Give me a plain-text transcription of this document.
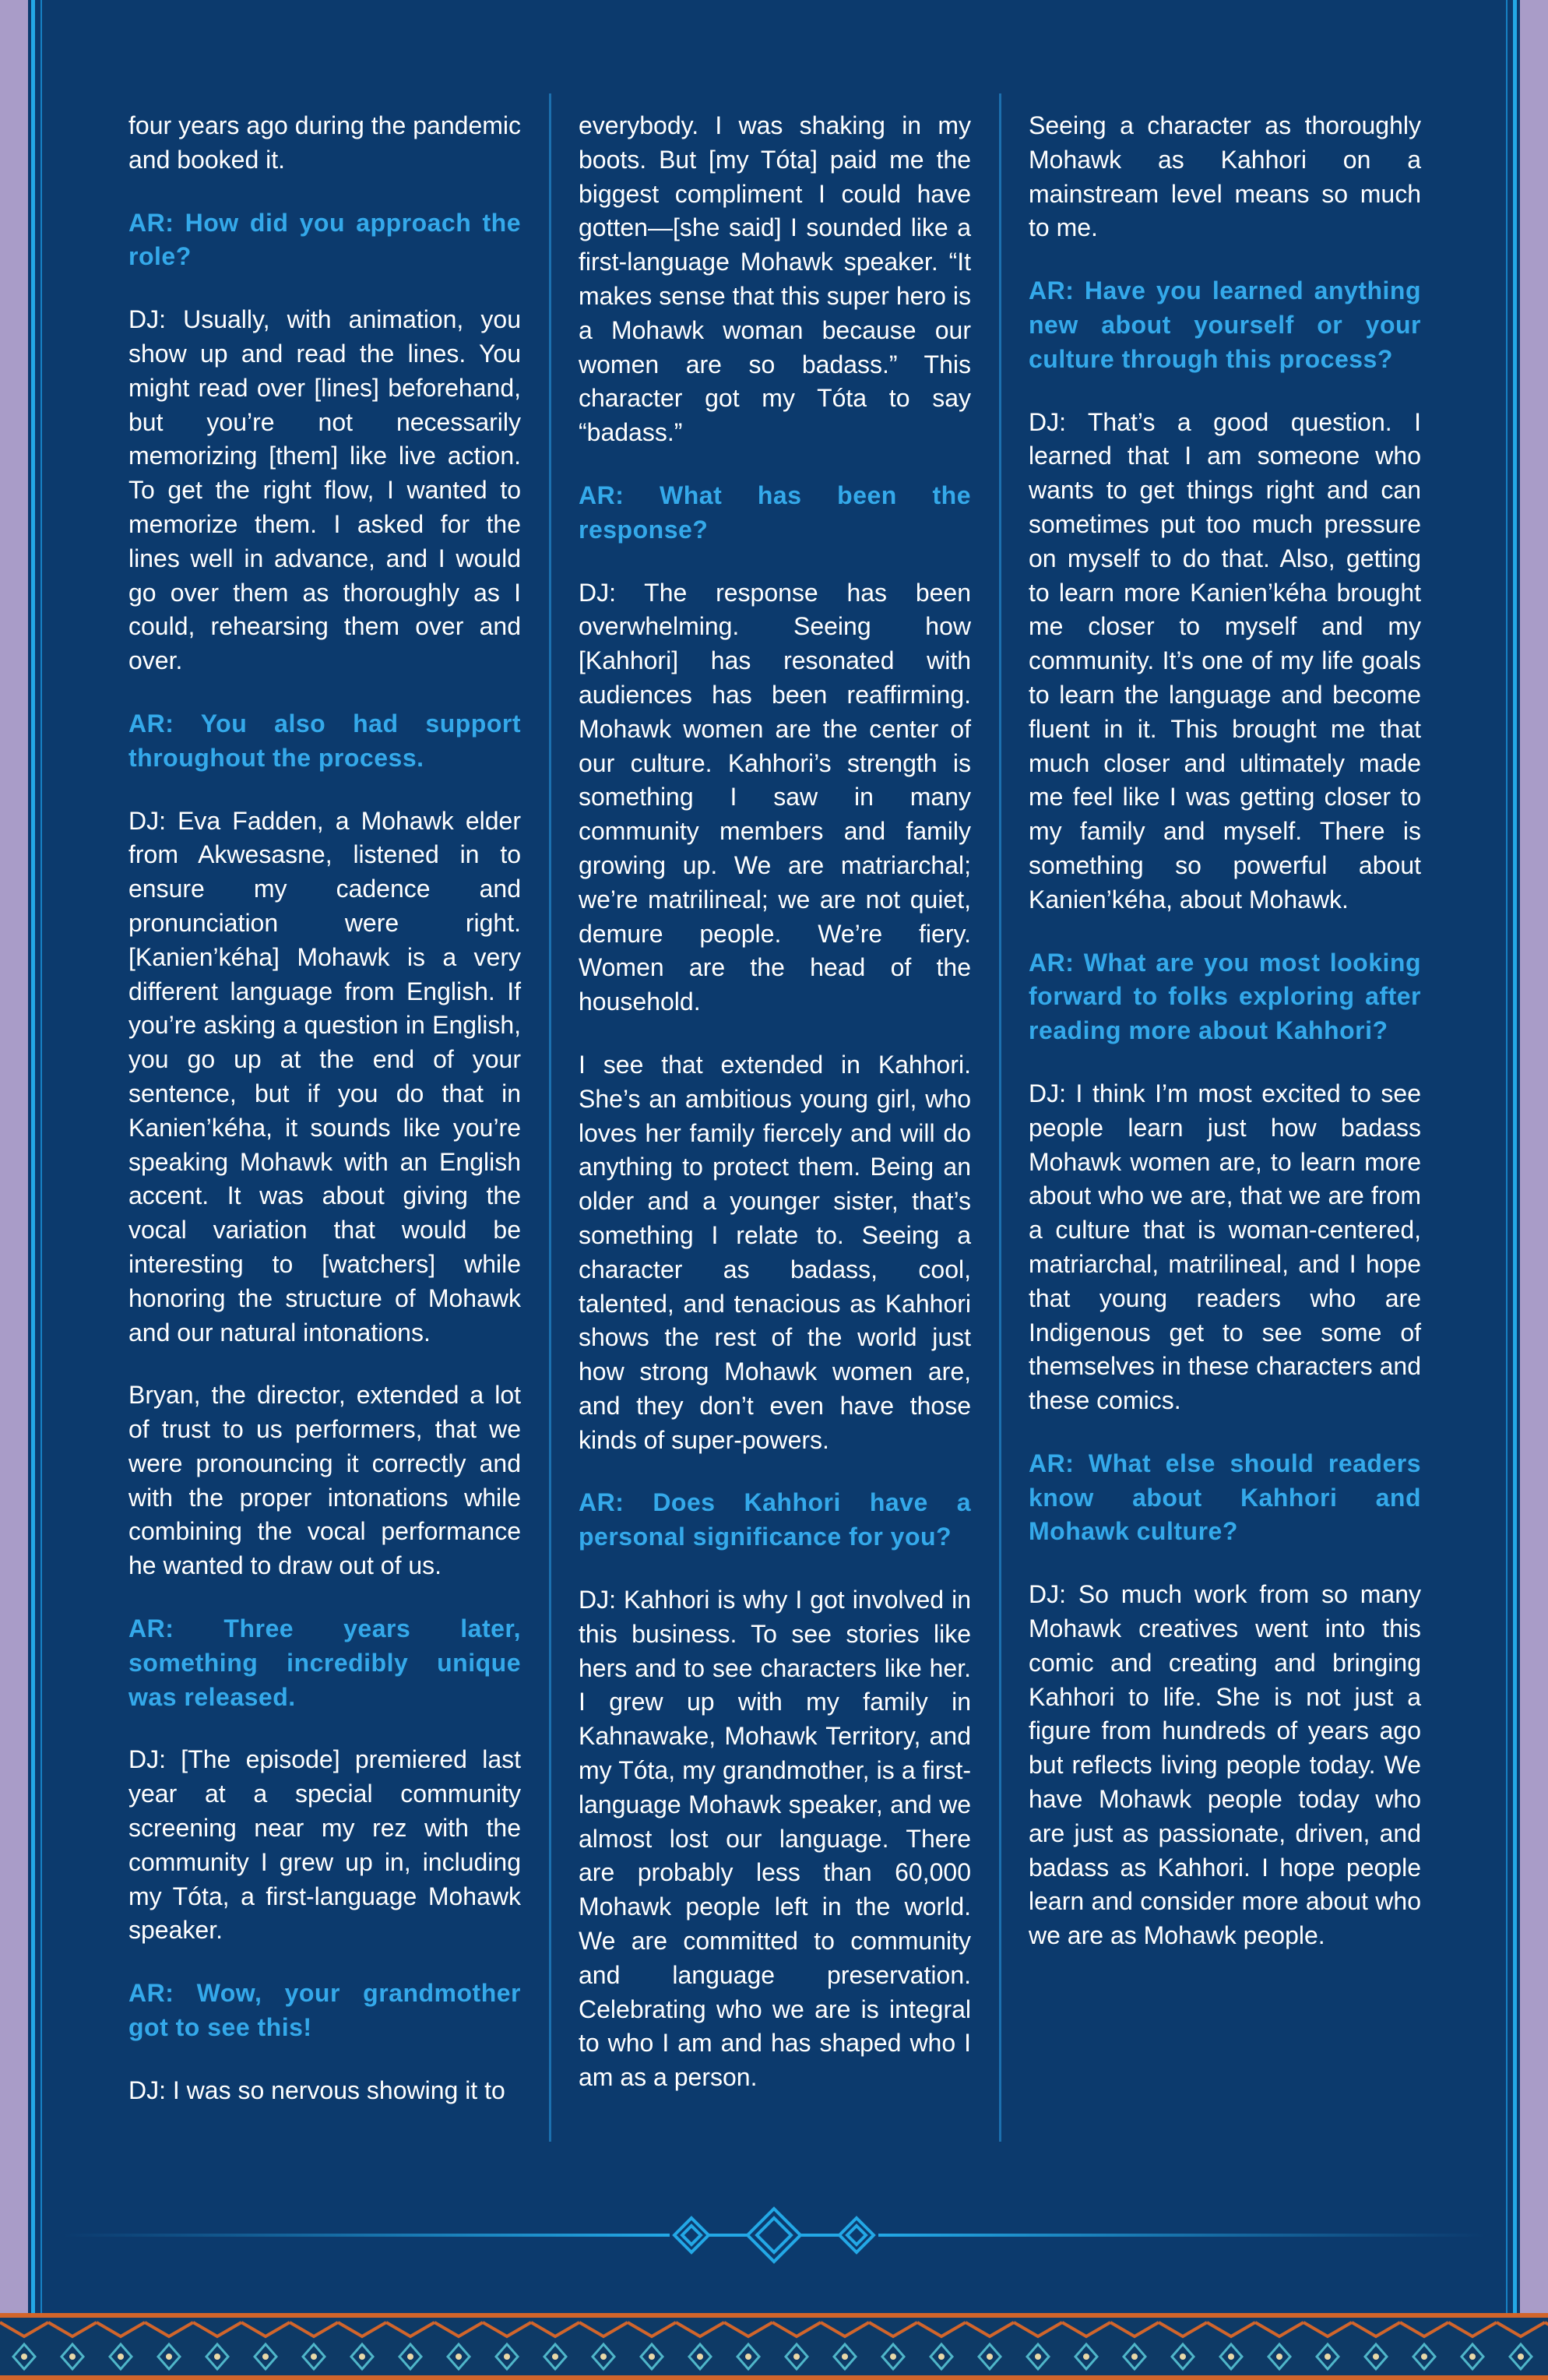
four years ago during the pandemic and booked it.

AR: How did you approach the role?

DJ: Usually, with animation, you show up and read the lines. You might read over [lines] beforehand, but you’re not necessarily memorizing [them] like live action. To get the right flow, I wanted to memorize them. I asked for the lines well in advance, and I would go over them as thoroughly as I could, rehearsing them over and over.

AR: You also had support throughout the process.

DJ: Eva Fadden, a Mohawk elder from Akwesasne, listened in to ensure my cadence and pronunciation were right. [Kanien’kéha] Mohawk is a very different language from English. If you’re asking a question in English, you go up at the end of your sentence, but if you do that in Kanien’kéha, it sounds like you’re speaking Mohawk with an English accent. It was about giving the vocal variation that would be interesting to [watchers] while honoring the structure of Mohawk and our natural intonations.

Bryan, the director, extended a lot of trust to us performers, that we were pronouncing it correctly and with the proper intonations while combining the vocal performance he wanted to draw out of us.

AR: Three years later, something incredibly unique was released.

DJ: [The episode] premiered last year at a special community screening near my rez with the community I grew up in, including my Tóta, a first-language Mohawk speaker.

AR: Wow, your grandmother got to see this!

DJ: I was so nervous showing it to

everybody. I was shaking in my boots. But [my Tóta] paid me the biggest compliment I could have gotten—[she said] I sounded like a first-language Mohawk speaker. “It makes sense that this super hero is a Mohawk woman because our women are so badass.” This character got my Tóta to say “badass.”

AR: What has been the response?

DJ: The response has been overwhelming. Seeing how [Kahhori] has resonated with audiences has been reaffirming. Mohawk women are the center of our culture. Kahhori’s strength is something I saw in many community members and family growing up. We are matriarchal; we’re matrilineal; we are not quiet, demure people. We’re fiery. Women are the head of the household.

I see that extended in Kahhori. She’s an ambitious young girl, who loves her family fiercely and will do anything to protect them. Being an older and a younger sister, that’s something I relate to. Seeing a character as badass, cool, talented, and tenacious as Kahhori shows the rest of the world just how strong Mohawk women are, and they don’t even have those kinds of super-powers.

AR: Does Kahhori have a personal significance for you?

DJ: Kahhori is why I got involved in this business. To see stories like hers and to see characters like her. I grew up with my family in Kahnawake, Mohawk Territory, and my Tóta, my grandmother, is a first-language Mohawk speaker, and we almost lost our language. There are probably less than 60,000 Mohawk people left in the world. We are committed to community and language preservation. Celebrating who we are is integral to who I am and has shaped who I am as a person.

Seeing a character as thoroughly Mohawk as Kahhori on a mainstream level means so much to me.

AR: Have you learned anything new about yourself or your culture through this process?

DJ: That’s a good question. I learned that I am someone who wants to get things right and can sometimes put too much pressure on myself to do that. Also, getting to learn more Kanien’kéha brought me closer to myself and my community. It’s one of my life goals to learn the language and become fluent in it. This brought me that much closer and ultimately made me feel like I was getting closer to my family and myself. There is something so powerful about Kanien’kéha, about Mohawk.

AR: What are you most looking forward to folks exploring after reading more about Kahhori?

DJ: I think I’m most excited to see people learn just how badass Mohawk women are, to learn more about who we are, that we are from a culture that is woman-centered, matriarchal, matrilineal, and I hope that young readers who are Indigenous get to see some of themselves in these characters and these comics.

AR: What else should readers know about Kahhori and Mohawk culture?

DJ: So much work from so many Mohawk creatives went into this comic and creating and bringing Kahhori to life. She is not just a figure from hundreds of years ago but reflects living people today. We have Mohawk people today who are just as passionate, driven, and badass as Kahhori. I hope people learn and consider more about who we are as Mohawk people.
